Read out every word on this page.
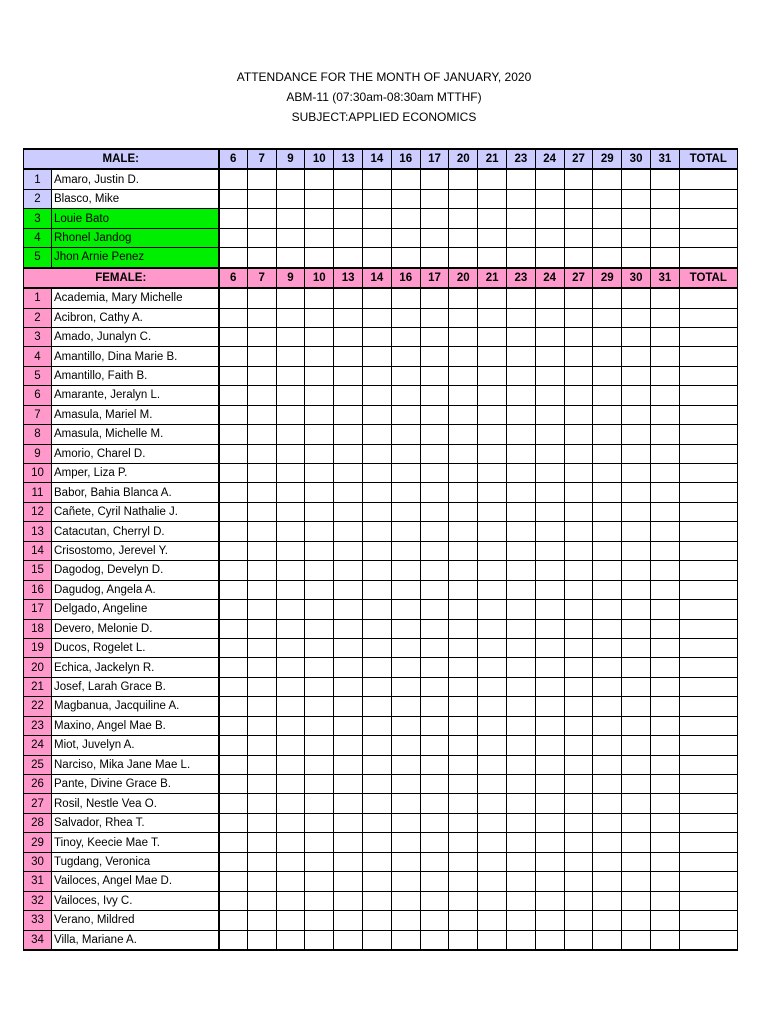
ATTENDANCE FOR THE MONTH OF JANUARY, 2020
ABM-11 (07:30am-08:30am MTTHF)
SUBJECT:APPLIED ECONOMICS
MALE:		6	7	9	10	13	14	16	17	20	21	23	24	27	29	30	31	TOTAL
1	Amaro, Justin D.																	
2	Blasco, Mike																	
3	Louie Bato																	
4	Rhonel Jandog																	
5	Jhon Arnie Penez																	
FEMALE:		6	7	9	10	13	14	16	17	20	21	23	24	27	29	30	31	TOTAL
1	Academia, Mary Michelle																	
2	Acibron, Cathy A.																	
3	Amado, Junalyn C.																	
4	Amantillo, Dina Marie B.																	
5	Amantillo, Faith B.																	
6	Amarante, Jeralyn L.																	
7	Amasula, Mariel M.																	
8	Amasula, Michelle M.																	
9	Amorio, Charel D.																	
10	Amper, Liza P.																	
11	Babor, Bahia Blanca A.																	
12	Cañete, Cyril Nathalie J.																	
13	Catacutan, Cherryl D.																	
14	Crisostomo, Jerevel Y.																	
15	Dagodog, Develyn D.																	
16	Dagudog, Angela A.																	
17	Delgado, Angeline																	
18	Devero, Melonie D.																	
19	Ducos, Rogelet L.																	
20	Echica, Jackelyn R.																	
21	Josef, Larah Grace B.																	
22	Magbanua, Jacquiline A.																	
23	Maxino, Angel Mae B.																	
24	Miot, Juvelyn A.																	
25	Narciso, Mika Jane Mae L.																	
26	Pante, Divine Grace B.																	
27	Rosil, Nestle Vea O.																	
28	Salvador, Rhea T.																	
29	Tinoy, Keecie Mae T.																	
30	Tugdang, Veronica																	
31	Vailoces, Angel Mae D.																	
32	Vailoces, Ivy C.																	
33	Verano, Mildred																	
34	Villa, Mariane A.																	
